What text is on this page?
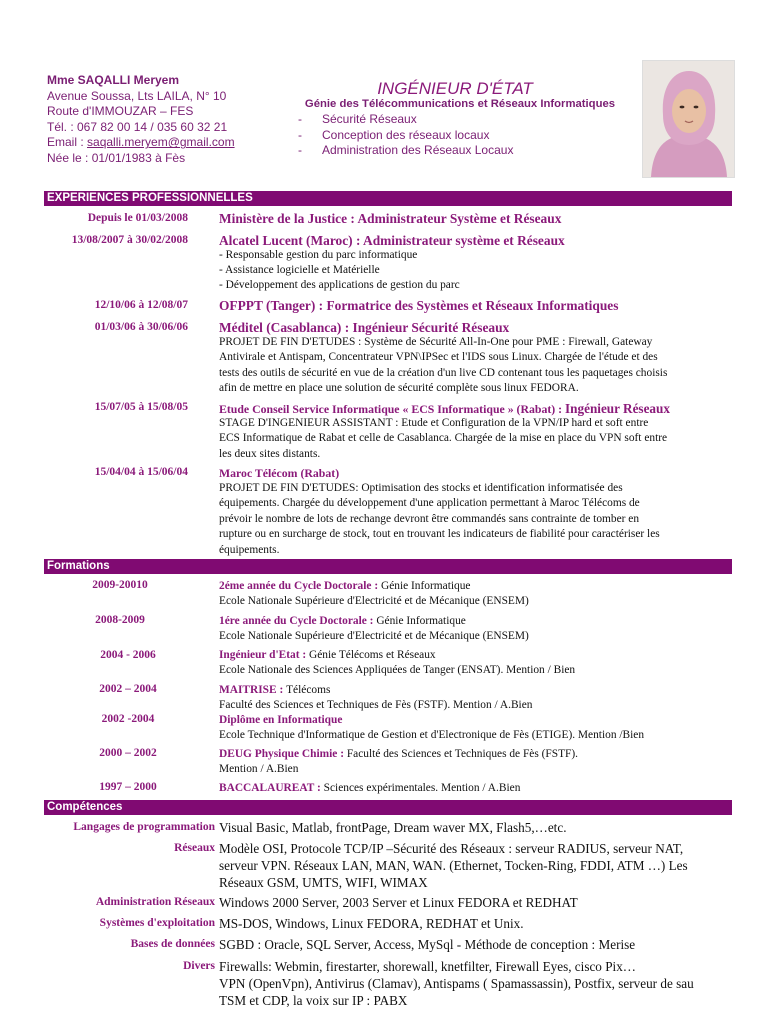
Mme SAQALLI Meryem
Avenue Soussa, Lts LAILA, N° 10
Route d'IMMOUZAR – FES
Tél. : 067 82 00 14 / 035 60 32 21
Email : saqalli.meryem@gmail.com
Née le : 01/01/1983 à Fès
INGÉNIEUR D'ÉTAT
Génie des Télécommunications et Réseaux Informatiques
- Sécurité Réseaux
- Conception des réseaux locaux
- Administration des Réseaux Locaux
EXPERIENCES PROFESSIONNELLES
Depuis le 01/03/2008 Ministère de la Justice : Administrateur Système et Réseaux
13/08/2007 à 30/02/2008 Alcatel Lucent (Maroc) : Administrateur système et Réseaux
- Responsable gestion du parc informatique
- Assistance logicielle et Matérielle
- Développement des applications de gestion du parc
12/10/06 à 12/08/07 OFPPT (Tanger) : Formatrice des Systèmes et Réseaux Informatiques
01/03/06 à 30/06/06 Méditel (Casablanca) : Ingénieur Sécurité Réseaux
PROJET DE FIN D'ETUDES : Système de Sécurité All-In-One pour PME : Firewall, Gateway
Antivirale et Antispam, Concentrateur VPN\IPSec et l'IDS sous Linux. Chargée de l'étude et des
tests des outils de sécurité en vue de la création d'un live CD contenant tous les paquetages choisis
afin de mettre en place une solution de sécurité complète sous linux FEDORA.
15/07/05 à 15/08/05	Etude Conseil Service Informatique « ECS Informatique » (Rabat) : Ingénieur Réseaux
STAGE D'INGENIEUR ASSISTANT : Etude et Configuration de la VPN/IP hard et soft entre
ECS Informatique de Rabat et celle de Casablanca. Chargée de la mise en place du VPN soft entre
les deux sites distants.
15/04/04 à 15/06/04	Maroc Télécom (Rabat)
PROJET DE FIN D'ETUDES: Optimisation des stocks et identification informatisée des
équipements. Chargée du développement d'une application permettant à Maroc Télécoms de
prévoir le nombre de lots de rechange devront être commandés sans contrainte de tomber en
rupture ou en surcharge de stock, tout en trouvant les indicateurs de fiabilité pour caractériser les
équipements.
Formations
2009-20010	2éme année du Cycle Doctorale : Génie Informatique
Ecole Nationale Supérieure d'Electricité et de Mécanique (ENSEM)
2008-2009	1ére année du Cycle Doctorale : Génie Informatique
Ecole Nationale Supérieure d'Electricité et de Mécanique (ENSEM)
2004 - 2006	Ingénieur d'Etat : Génie Télécoms et Réseaux
Ecole Nationale des Sciences Appliquées de Tanger (ENSAT). Mention / Bien
2002 – 2004	MAITRISE : Télécoms
Faculté des Sciences et Techniques de Fès (FSTF). Mention / A.Bien
2002 -2004	Diplôme en Informatique
Ecole Technique d'Informatique de Gestion et d'Electronique de Fès (ETIGE). Mention /Bien
2000 – 2002	DEUG Physique Chimie : Faculté des Sciences et Techniques de Fès (FSTF).
Mention / A.Bien
1997 – 2000	BACCALAUREAT : Sciences expérimentales. Mention / A.Bien
Compétences
Langages de programmation Visual Basic, Matlab, frontPage, Dream waver MX, Flash5,…etc.
Réseaux Modèle OSI, Protocole TCP/IP –Sécurité des Réseaux : serveur RADIUS, serveur NAT,
serveur VPN. Réseaux LAN, MAN, WAN. (Ethernet, Tocken-Ring, FDDI, ATM …) Les
Réseaux GSM, UMTS, WIFI, WIMAX
Administration Réseaux Windows 2000 Server, 2003 Server et Linux FEDORA et REDHAT
Systèmes d'exploitation MS-DOS, Windows, Linux FEDORA, REDHAT et Unix.
Bases de données SGBD : Oracle, SQL Server, Access, MySql - Méthode de conception : Merise
Divers Firewalls: Webmin, firestarter, shorewall, knetfilter, Firewall Eyes, cisco Pix…
VPN (OpenVpn), Antivirus (Clamav), Antispams ( Spamassassin), Postfix, serveur de sau
TSM et CDP, la voix sur IP : PABX
